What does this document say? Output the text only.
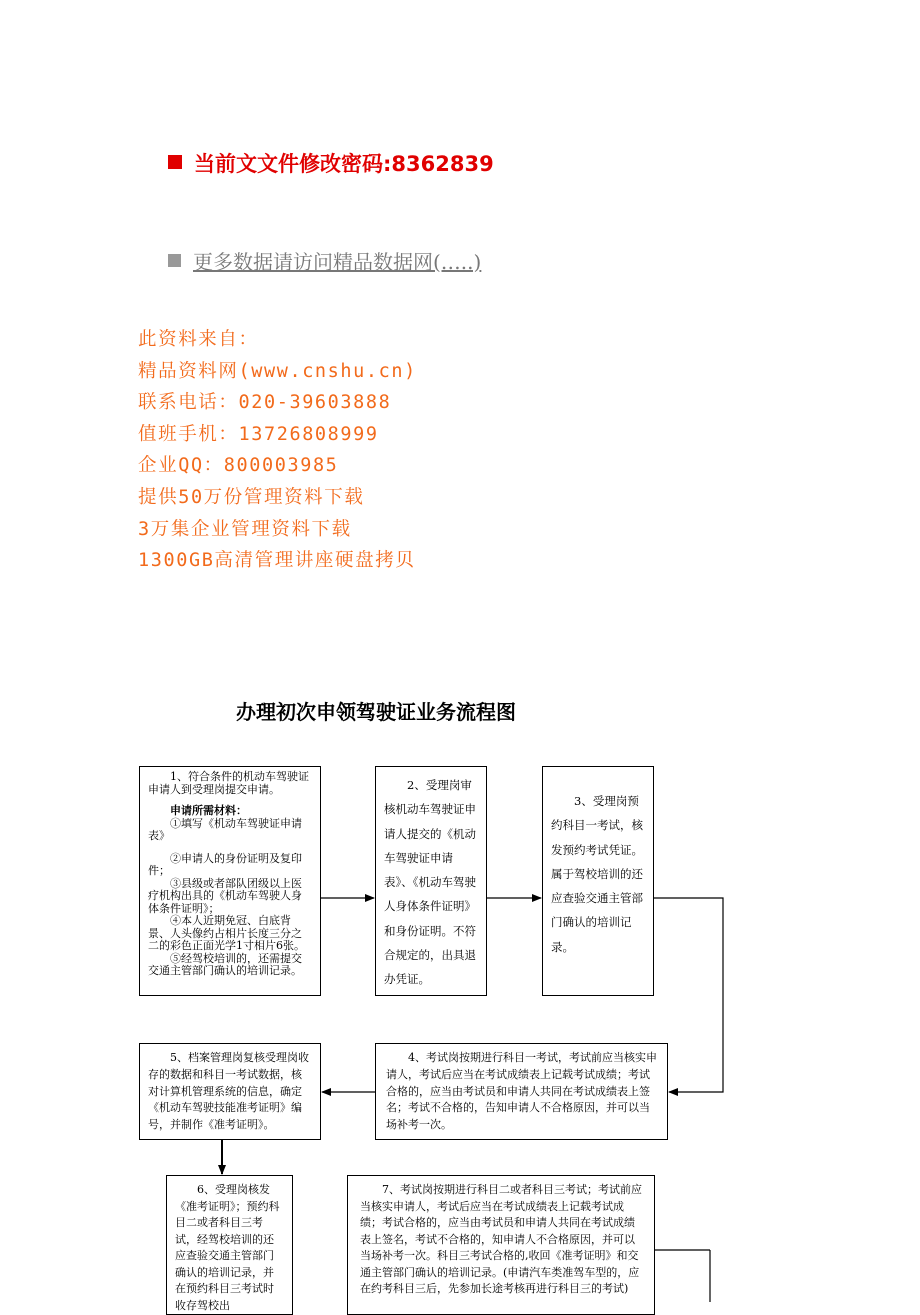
当前文文件修改密码:8362839
更多数据请访问精品数据网(…..)
此资料来自：
精品资料网(www.cnshu.cn)
联系电话：020-39603888
值班手机：13726808999
企业QQ：800003985
提供50万份管理资料下载
3万集企业管理资料下载
1300GB高清管理讲座硬盘拷贝
办理初次申领驾驶证业务流程图

1、符合条件的机动车驾驶证申请人到受理岗提交申请。

申请所需材料：

①填写《机动车驾驶证申请表》

②申请人的身份证明及复印件；

③县级或者部队团级以上医疗机构出具的《机动车驾驶人身体条件证明》；

④本人近期免冠、白底背景、人头像约占相片长度三分之二的彩色正面光学1寸相片6张。

⑤经驾校培训的，还需提交交通主管部门确认的培训记录。

2、受理岗审核机动车驾驶证申请人提交的《机动车驾驶证申请表》、《机动车驾驶人身体条件证明》和身份证明。不符合规定的，出具退办凭证。
3、受理岗预约科目一考试，核发预约考试凭证。属于驾校培训的还应查验交通主管部门确认的培训记录。
4、考试岗按期进行科目一考试，考试前应当核实申请人，考试后应当在考试成绩表上记载考试成绩；考试合格的，应当由考试员和申请人共同在考试成绩表上签名；考试不合格的，告知申请人不合格原因，并可以当场补考一次。
5、档案管理岗复核受理岗收存的数据和科目一考试数据，核对计算机管理系统的信息，确定《机动车驾驶技能准考证明》编号，并制作《准考证明》。
6、受理岗核发《准考证明》；预约科目二或者科目三考试，经驾校培训的还应查验交通主管部门确认的培训记录，并在预约科目三考试时收存驾校出
7、考试岗按期进行科目二或者科目三考试；考试前应当核实申请人，考试后应当在考试成绩表上记载考试成绩；考试合格的，应当由考试员和申请人共同在考试成绩表上签名，考试不合格的，知申请人不合格原因，并可以当场补考一次。科目三考试合格的,收回《准考证明》和交通主管部门确认的培训记录。(申请汽车类准驾车型的，应在约考科目三后，先参加长途考核再进行科目三的考试)
